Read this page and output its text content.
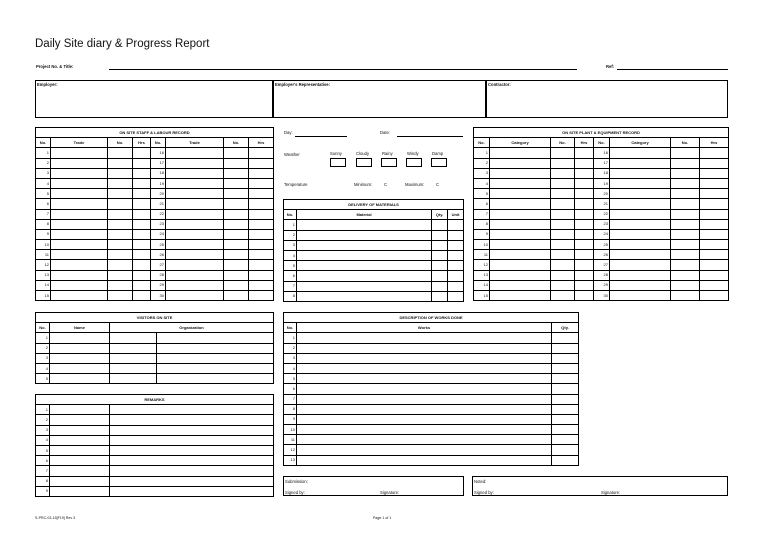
Daily Site diary & Progress Report
Project No. & Title:	Ref:
Employer:	Employer's Representative:	Contractor:
ON SITE STAFF & LABOUR RECORD							
No.	Trade	No.	Hrs	No.	Trade	No.	Hrs
1				16			
2				17			
3				18			
4				19			
5				20			
6				21			
7				22			
8				23			
9				24			
10				25			
11				26			
12				27			
13				28			
14				29			
15				30			
Day:	Date:
Weather	Sunny	Cloudy	Rainy	Windy	Damp
Temperature	Minimum:	C	Maximum:	C
DELIVERY OF MATERIALS			
No.	Material	Qty.	Unit
1			
2			
3			
4			
5			
6			
7			
8			
ON SITE PLANT & EQUIPMENT RECORD							
No.	Category	No.	Hrs	No.	Category	No.	Hrs
1				16			
2				17			
3				18			
4				19			
5				20			
6				21			
7				22			
8				23			
9				24			
10				25			
11				26			
12				27			
13				28			
14				29			
15				30			
VISITORS ON SITE			
No.	Name	Organization	
1			
2			
3			
4			
5			
REMARKS		
1		
2		
3		
4		
5		
6		
7		
8		
9		
DESCRIPTION OF WORKS DONE		
No.	Works	Qty.
1		
2		
3		
4		
5		
6		
7		
8		
9		
10		
11		
12		
13		
Submission:
Signed by:	Signature:
Noted:
Signed by:	Signature:
S-PRC-03-15[F19] Rev 3	Page 1 of 1
